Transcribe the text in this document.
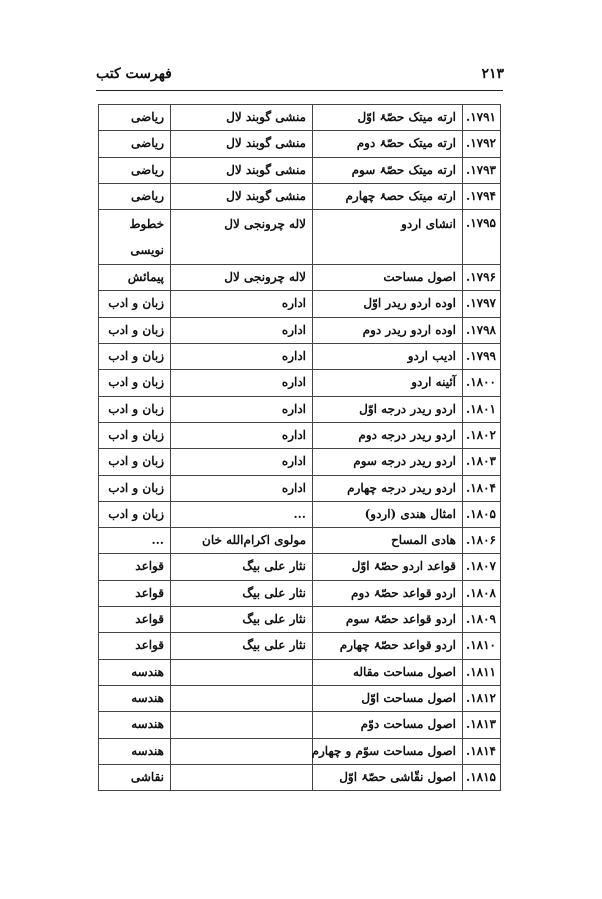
فهرست کتب	۲۱۳
۱۷۹۱.	ارته میتک حصّۂ اوّل	منشی گوبند لال	ریاضی
۱۷۹۲.	ارته میتک حصّۂ دوم	منشی گوبند لال	ریاضی
۱۷۹۳.	ارته میتک حصّۂ سوم	منشی گوبند لال	ریاضی
۱۷۹۴.	ارته میتک حصۂ چهارم	منشی گوبند لال	ریاضی
۱۷۹۵.	انشای اردو	لاله چرونجی لال	خطوط نویسی
۱۷۹۶.	اصول مساحت	لاله چرونجی لال	پیمائش
۱۷۹۷.	اوده اردو ریدر اوّل	اداره	زبان و ادب
۱۷۹۸.	اوده اردو ریدر دوم	اداره	زبان و ادب
۱۷۹۹.	ادیب اردو	اداره	زبان و ادب
۱۸۰۰.	آئینه اردو	اداره	زبان و ادب
۱۸۰۱.	اردو ریدر درجه اوّل	اداره	زبان و ادب
۱۸۰۲.	اردو ریدر درجه دوم	اداره	زبان و ادب
۱۸۰۳.	اردو ریدر درجه سوم	اداره	زبان و ادب
۱۸۰۴.	اردو ریدر درجه چهارم	اداره	زبان و ادب
۱۸۰۵.	امثال هندی (اردو)	...	زبان و ادب
۱۸۰۶.	هادی المساح	مولوی اکرام‌الله خان	...
۱۸۰۷.	قواعد اردو حصّۂ اوّل	نثار علی بیگ	قواعد
۱۸۰۸.	اردو قواعد حصّۂ دوم	نثار علی بیگ	قواعد
۱۸۰۹.	اردو قواعد حصّۂ سوم	نثار علی بیگ	قواعد
۱۸۱۰.	اردو قواعد حصّۂ چهارم	نثار علی بیگ	قواعد
۱۸۱۱.	اصول مساحت مقاله		هندسه
۱۸۱۲.	اصول مساحت اوّل		هندسه
۱۸۱۳.	اصول مساحت دوّم		هندسه
۱۸۱۴.	اصول مساحت سوّم و چهارم		هندسه
۱۸۱۵.	اصول نقّاشی حصّۂ اوّل		نقاشی
